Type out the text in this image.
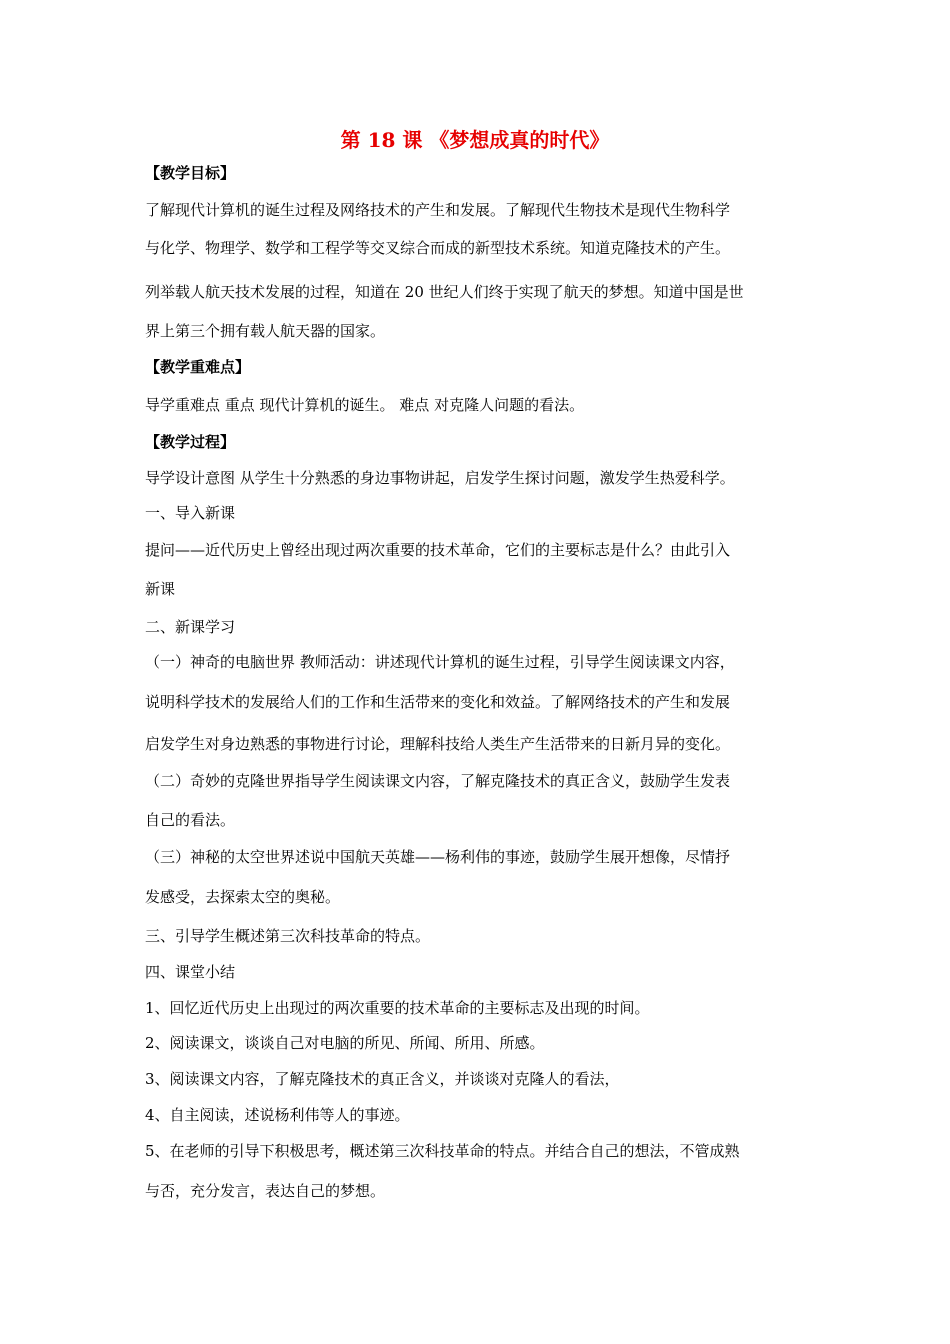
第 18 课 《梦想成真的时代》
【教学目标】
了解现代计算机的诞生过程及网络技术的产生和发展。了解现代生物技术是现代生物科学
与化学、物理学、数学和工程学等交叉综合而成的新型技术系统。知道克隆技术的产生。
列举载人航天技术发展的过程，知道在 20 世纪人们终于实现了航天的梦想。知道中国是世
界上第三个拥有载人航天器的国家。
【教学重难点】
导学重难点 重点 现代计算机的诞生。 难点 对克隆人问题的看法。
【教学过程】
导学设计意图 从学生十分熟悉的身边事物讲起，启发学生探讨问题，激发学生热爱科学。
一、导入新课
提问——近代历史上曾经出现过两次重要的技术革命，它们的主要标志是什么？由此引入
新课
二、新课学习
（一）神奇的电脑世界 教师活动：讲述现代计算机的诞生过程，引导学生阅读课文内容，
说明科学技术的发展给人们的工作和生活带来的变化和效益。了解网络技术的产生和发展
启发学生对身边熟悉的事物进行讨论，理解科技给人类生产生活带来的日新月异的变化。
（二）奇妙的克隆世界指导学生阅读课文内容，了解克隆技术的真正含义，鼓励学生发表
自己的看法。
（三）神秘的太空世界述说中国航天英雄——杨利伟的事迹，鼓励学生展开想像，尽情抒
发感受，去探索太空的奥秘。
三、引导学生概述第三次科技革命的特点。
四、课堂小结
1、回忆近代历史上出现过的两次重要的技术革命的主要标志及出现的时间。
2、阅读课文，谈谈自己对电脑的所见、所闻、所用、所感。
3、阅读课文内容，了解克隆技术的真正含义，并谈谈对克隆人的看法，
4、自主阅读，述说杨利伟等人的事迹。
5、在老师的引导下积极思考，概述第三次科技革命的特点。并结合自己的想法，不管成熟
与否，充分发言，表达自己的梦想。
